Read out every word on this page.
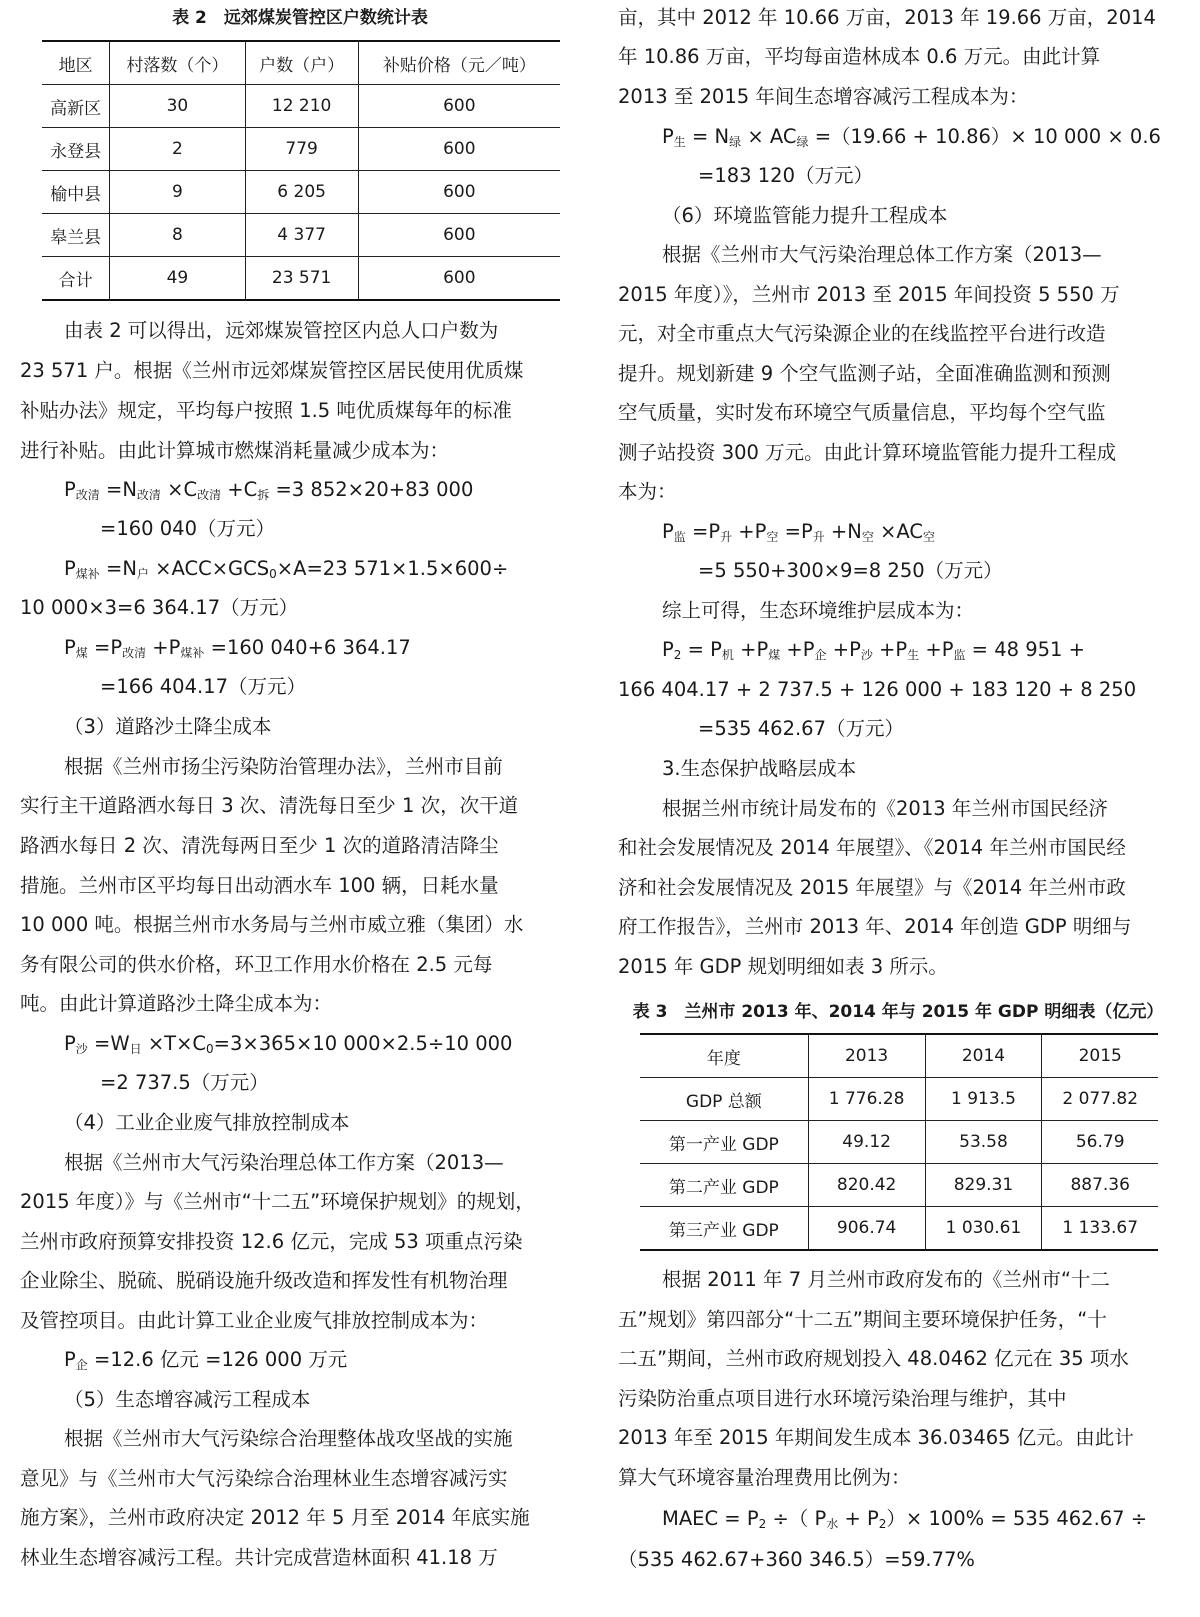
表 2　远郊煤炭管控区户数统计表
地区	村落数（个）	户数（户）	补贴价格（元／吨）
高新区	30	12 210	600
永登县	2	779	600
榆中县	9	6 205	600
皋兰县	8	4 377	600
合计	49	23 571	600
由表 2 可以得出，远郊煤炭管控区内总人口户数为
23 571 户。根据《兰州市远郊煤炭管控区居民使用优质煤
补贴办法》规定，平均每户按照 1.5 吨优质煤每年的标准
进行补贴。由此计算城市燃煤消耗量减少成本为：
$P_{改清} =N_{改清} \times C_{改清} +C_拆 =3$ 852×20+83 000
=160 040（万元）
$P_{煤补} =N_户 \times ACC\times GCS_0\times A=23$ 571×1.5×600÷
10 000×3=6 364.17（万元）
$P_煤 =P_{改清} +P_{煤补} =160$ 040+6 364.17
=166 404.17（万元）
（3）道路沙土降尘成本
根据《兰州市扬尘污染防治管理办法》，兰州市目前
实行主干道路洒水每日 3 次、清洗每日至少 1 次，次干道
路洒水每日 2 次、清洗每两日至少 1 次的道路清洁降尘
措施。兰州市区平均每日出动洒水车 100 辆，日耗水量
10 000 吨。根据兰州市水务局与兰州市威立雅（集团）水
务有限公司的供水价格，环卫工作用水价格在 2.5 元每
吨。由此计算道路沙土降尘成本为：
$P_沙 =W_日 \times T\times C_0=3\times 365\times 10$ 000×2.5÷10 000
=2 737.5（万元）
（4）工业企业废气排放控制成本
根据《兰州市大气污染治理总体工作方案（2013—
2015 年度）》与《兰州市“十二五”环境保护规划》的规划，
兰州市政府预算安排投资 12.6 亿元，完成 53 项重点污染
企业除尘、脱硫、脱硝设施升级改造和挥发性有机物治理
及管控项目。由此计算工业企业废气排放控制成本为：
$P_企 =12.6$ 亿元 =126 000 万元
（5）生态增容减污工程成本
根据《兰州市大气污染综合治理整体战攻坚战的实施
意见》与《兰州市大气污染综合治理林业生态增容减污实
施方案》，兰州市政府决定 2012 年 5 月至 2014 年底实施
林业生态增容减污工程。共计完成营造林面积 41.18 万
亩，其中 2012 年 10.66 万亩，2013 年 19.66 万亩，2014
年 10.86 万亩，平均每亩造林成本 0.6 万元。由此计算
2013 至 2015 年间生态增容减污工程成本为：
$P_生 = N_绿 \times AC_绿 =(19.66 + 10.86)\times 10$ 000 × 0.6
=183 120（万元）
（6）环境监管能力提升工程成本
根据《兰州市大气污染治理总体工作方案（2013—
2015 年度）》，兰州市 2013 至 2015 年间投资 5 550 万
元，对全市重点大气污染源企业的在线监控平台进行改造
提升。规划新建 9 个空气监测子站，全面准确监测和预测
空气质量，实时发布环境空气质量信息，平均每个空气监
测子站投资 300 万元。由此计算环境监管能力提升工程成
本为：
$P_监 =P_升 +P_空 =P_升 +N_空 \times AC_空$
=5 550+300×9=8 250（万元）
综上可得，生态环境维护层成本为：
$P_2 = P_机 +P_煤 +P_企 +P_沙 +P_生 +P_监 = 48$ 951 +
166 404.17 + 2 737.5 + 126 000 + 183 120 + 8 250
=535 462.67（万元）
3.生态保护战略层成本
根据兰州市统计局发布的《2013 年兰州市国民经济
和社会发展情况及 2014 年展望》、《2014 年兰州市国民经
济和社会发展情况及 2015 年展望》与《2014 年兰州市政
府工作报告》，兰州市 2013 年、2014 年创造 GDP 明细与
2015 年 GDP 规划明细如表 3 所示。
表 3　兰州市 2013 年、2014 年与 2015 年 GDP 明细表（亿元）
年度	2013	2014	2015
GDP 总额	1 776.28	1 913.5	2 077.82
第一产业 GDP	49.12	53.58	56.79
第二产业 GDP	820.42	829.31	887.36
第三产业 GDP	906.74	1 030.61	1 133.67
根据 2011 年 7 月兰州市政府发布的《兰州市“十二
五”规划》第四部分“十二五”期间主要环境保护任务，“十
二五”期间，兰州市政府规划投入 48.0462 亿元在 35 项水
污染防治重点项目进行水环境污染治理与维护，其中
2013 年至 2015 年期间发生成本 36.03465 亿元。由此计
算大气环境容量治理费用比例为：
MAEC = $P_2$ ÷（ $P_水 + P_2)\times 100\% = 535$ 462.67 ÷
（535 462.67+360 346.5）=59.77%
